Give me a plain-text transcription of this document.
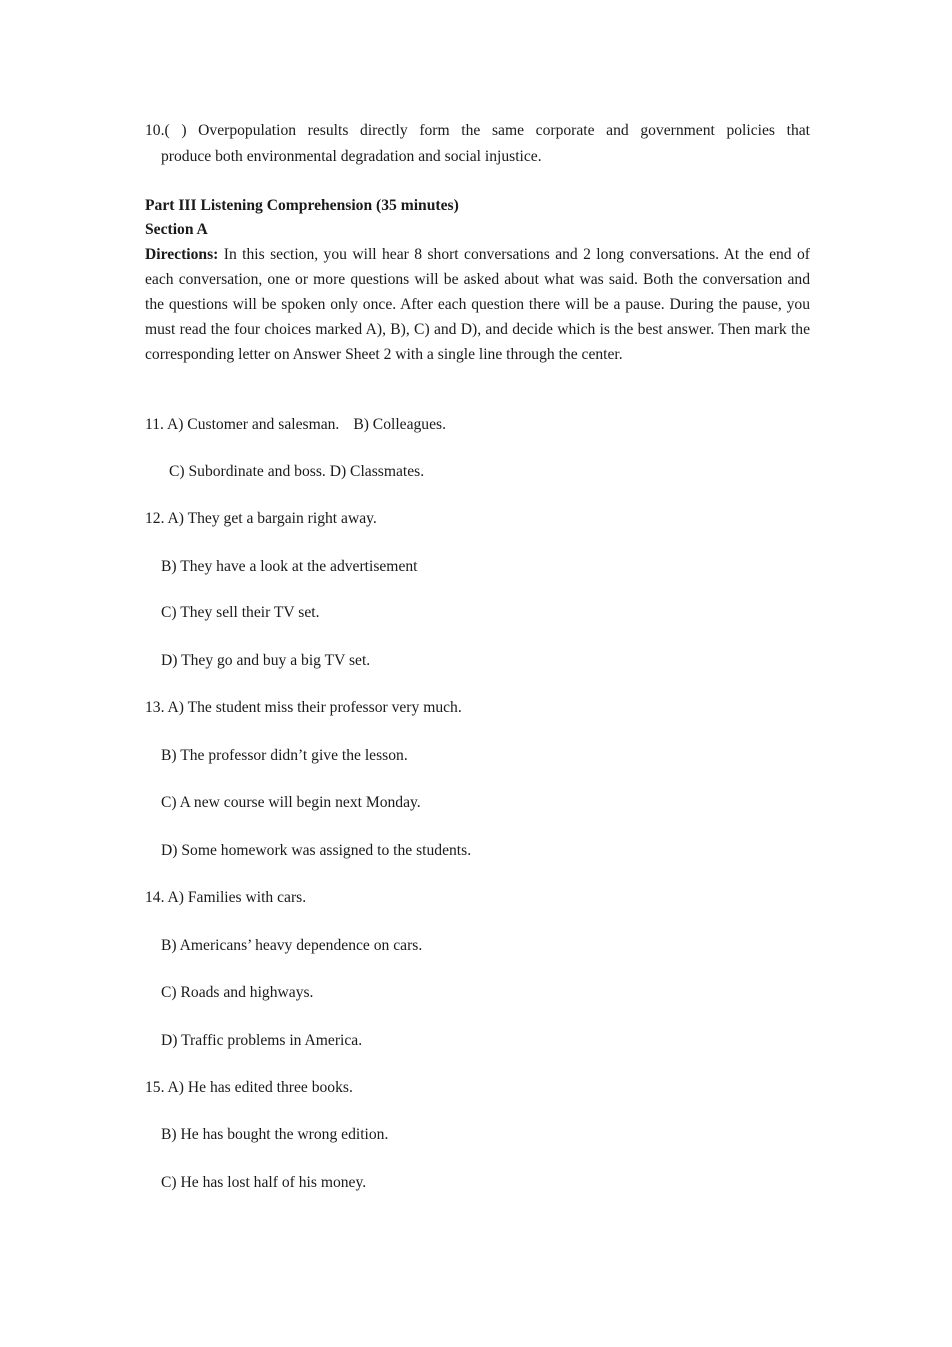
10.( ) Overpopulation results directly form the same corporate and government policies that
produce both environmental degradation and social injustice.
Part III Listening Comprehension (35 minutes)
Section A
Directions: In this section, you will hear 8 short conversations and 2 long conversations. At the end of each conversation, one or more questions will be asked about what was said. Both the conversation and the questions will be spoken only once. After each question there will be a pause. During the pause, you must read the four choices marked A), B), C) and D), and decide which is the best answer. Then mark the corresponding letter on Answer Sheet 2 with a single line through the center.
11. A) Customer and salesman. B) Colleagues.
C) Subordinate and boss. D) Classmates.
12. A) They get a bargain right away.
B) They have a look at the advertisement
C) They sell their TV set.
D) They go and buy a big TV set.
13. A) The student miss their professor very much.
B) The professor didn’t give the lesson.
C) A new course will begin next Monday.
D) Some homework was assigned to the students.
14. A) Families with cars.
B) Americans’ heavy dependence on cars.
C) Roads and highways.
D) Traffic problems in America.
15. A) He has edited three books.
B) He has bought the wrong edition.
C) He has lost half of his money.
